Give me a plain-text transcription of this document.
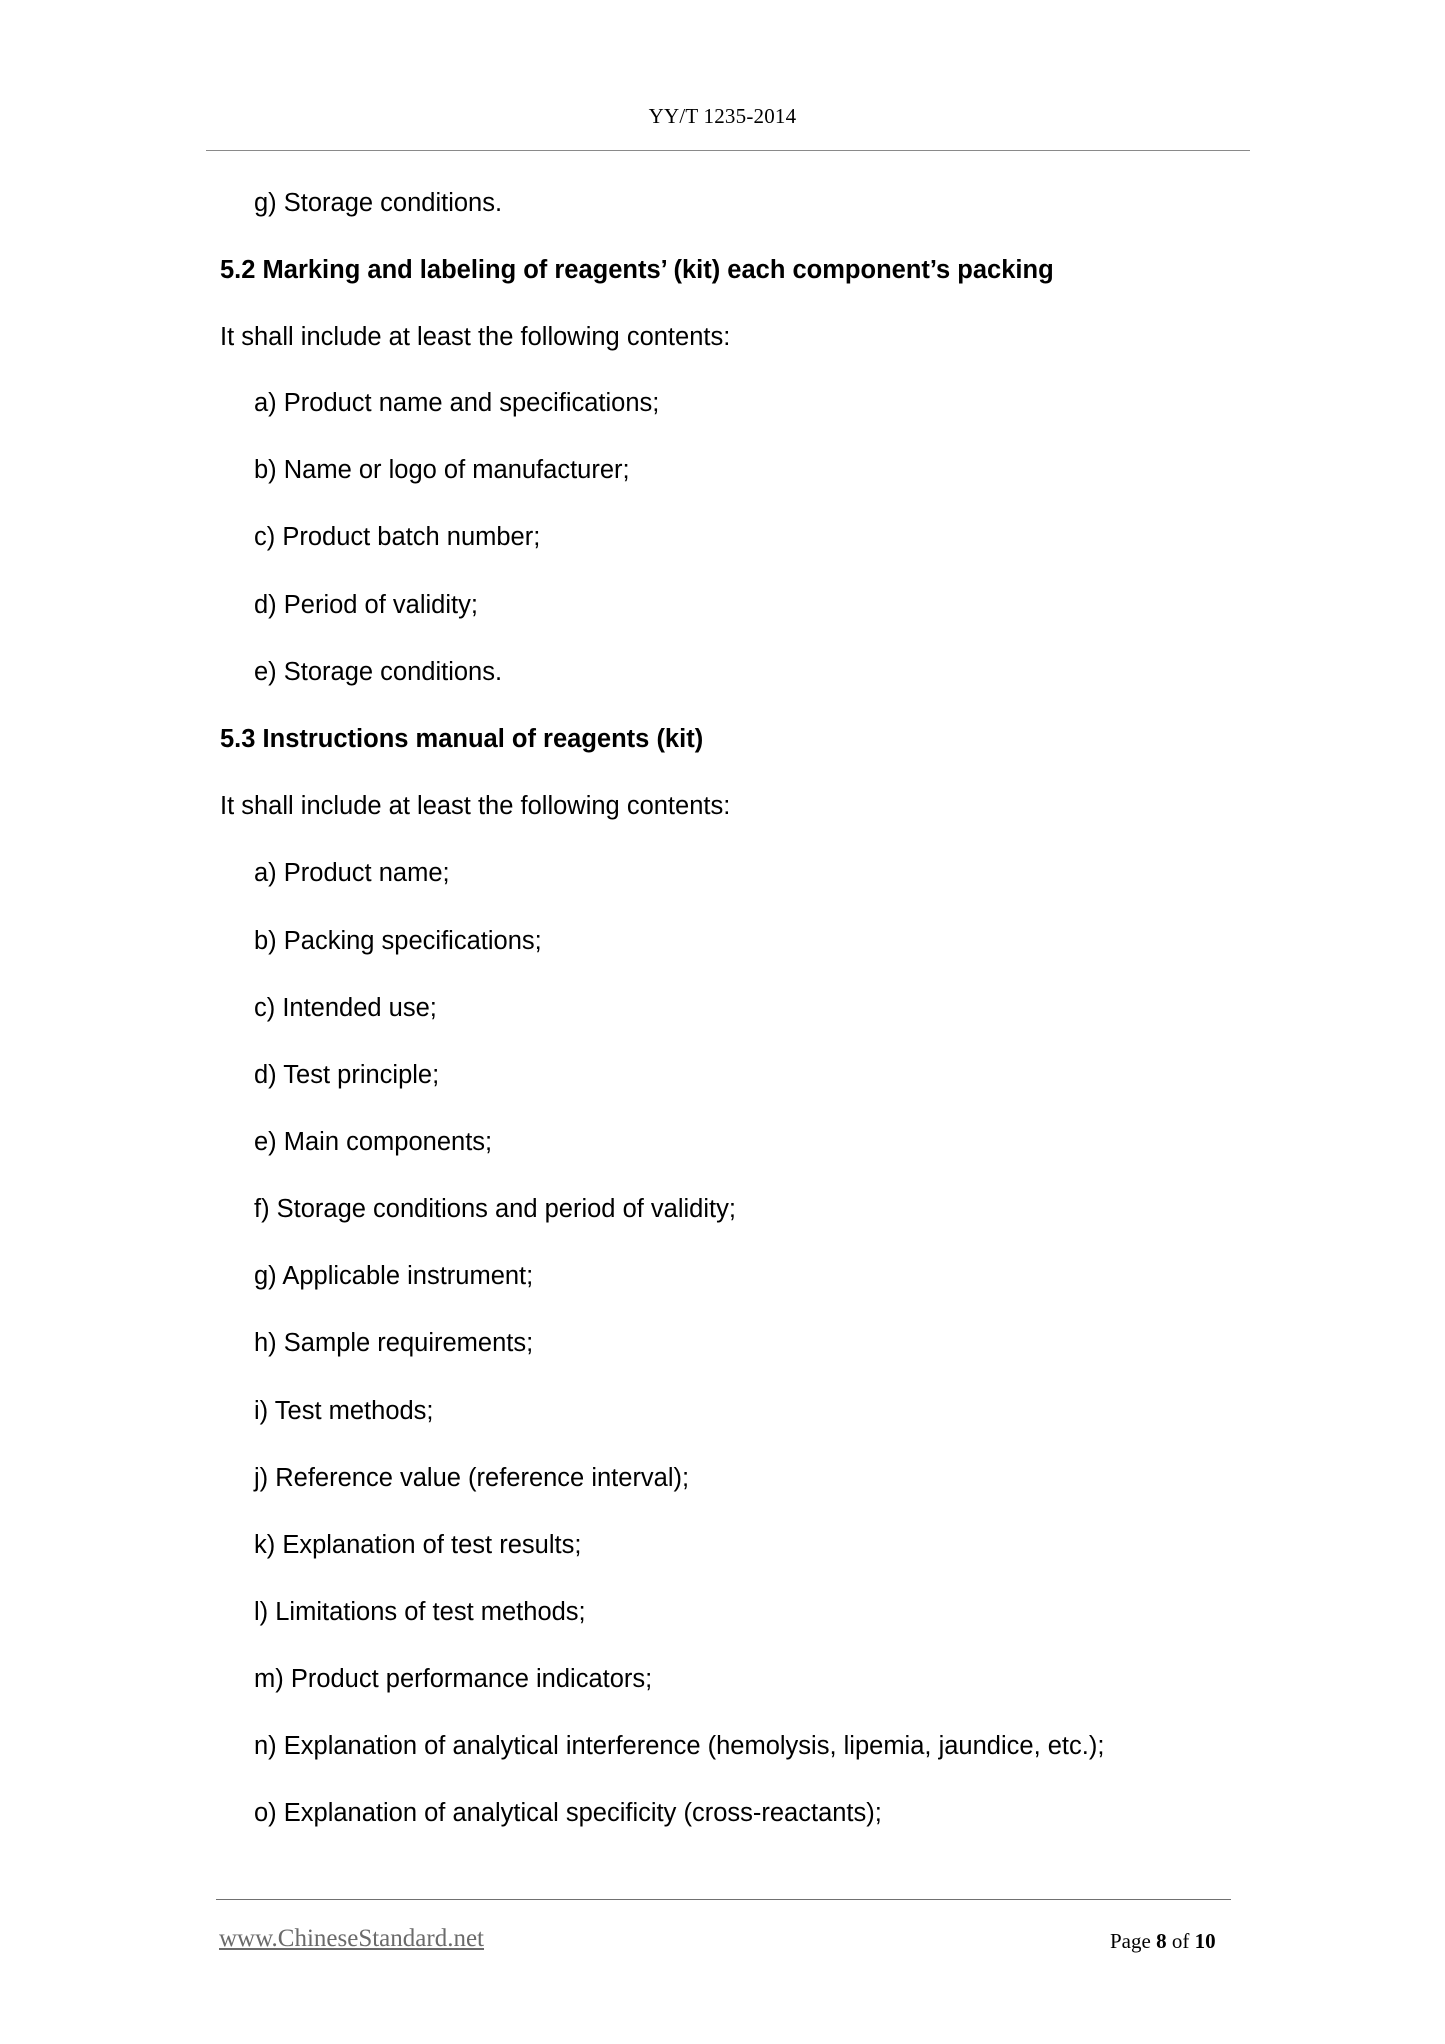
YY/T 1235-2014
g) Storage conditions.
5.2 Marking and labeling of reagents’ (kit) each component’s packing
It shall include at least the following contents:
a) Product name and specifications;
b) Name or logo of manufacturer;
c) Product batch number;
d) Period of validity;
e) Storage conditions.
5.3 Instructions manual of reagents (kit)
It shall include at least the following contents:
a) Product name;
b) Packing specifications;
c) Intended use;
d) Test principle;
e) Main components;
f) Storage conditions and period of validity;
g) Applicable instrument;
h) Sample requirements;
i) Test methods;
j) Reference value (reference interval);
k) Explanation of test results;
l) Limitations of test methods;
m) Product performance indicators;
n) Explanation of analytical interference (hemolysis, lipemia, jaundice, etc.);
o) Explanation of analytical specificity (cross-reactants);
www.ChineseStandard.net	Page 8 of 10
